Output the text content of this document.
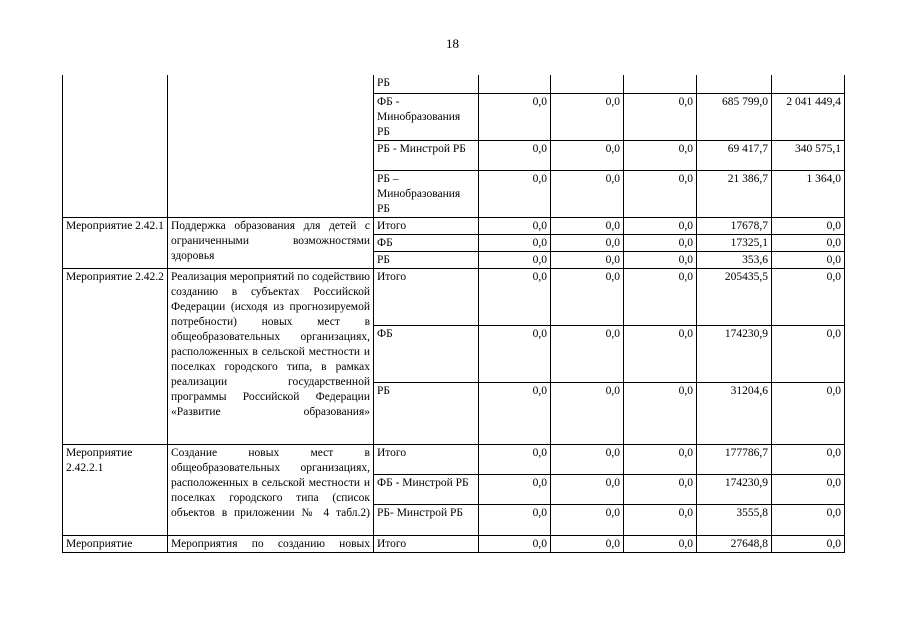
18
		РБ					
		ФБ - Минобразования РБ	0,0	0,0	0,0	685 799,0	2 041 449,4
		РБ - Минстрой РБ	0,0	0,0	0,0	69 417,7	340 575,1
		РБ – Минобразования РБ	0,0	0,0	0,0	21 386,7	1 364,0
Мероприятие 2.42.1	Поддержка образования для детей с ограниченными возможностями здоровья	Итого	0,0	0,0	0,0	17678,7	0,0
		ФБ	0,0	0,0	0,0	17325,1	0,0
		РБ	0,0	0,0	0,0	353,6	0,0
Мероприятие 2.42.2	Реализация мероприятий по содействию созданию в субъектах Российской Федерации (исходя из прогнозируемой потребности) новых мест в общеобразовательных организациях, расположенных в сельской местности и поселках городского типа, в рамках реализации государственной программы Российской Федерации «Развитие образования»	Итого	0,0	0,0	0,0	205435,5	0,0
		ФБ	0,0	0,0	0,0	174230,9	0,0
		РБ	0,0	0,0	0,0	31204,6	0,0
Мероприятие 2.42.2.1	Создание новых мест в общеобразовательных организациях, расположенных в сельской местности и поселках городского типа (список объектов в приложении № 4 табл.2)	Итого	0,0	0,0	0,0	177786,7	0,0
		ФБ - Минстрой РБ	0,0	0,0	0,0	174230,9	0,0
		РБ- Минстрой РБ	0,0	0,0	0,0	3555,8	0,0
Мероприятие	Мероприятия по созданию новых	Итого	0,0	0,0	0,0	27648,8	0,0
